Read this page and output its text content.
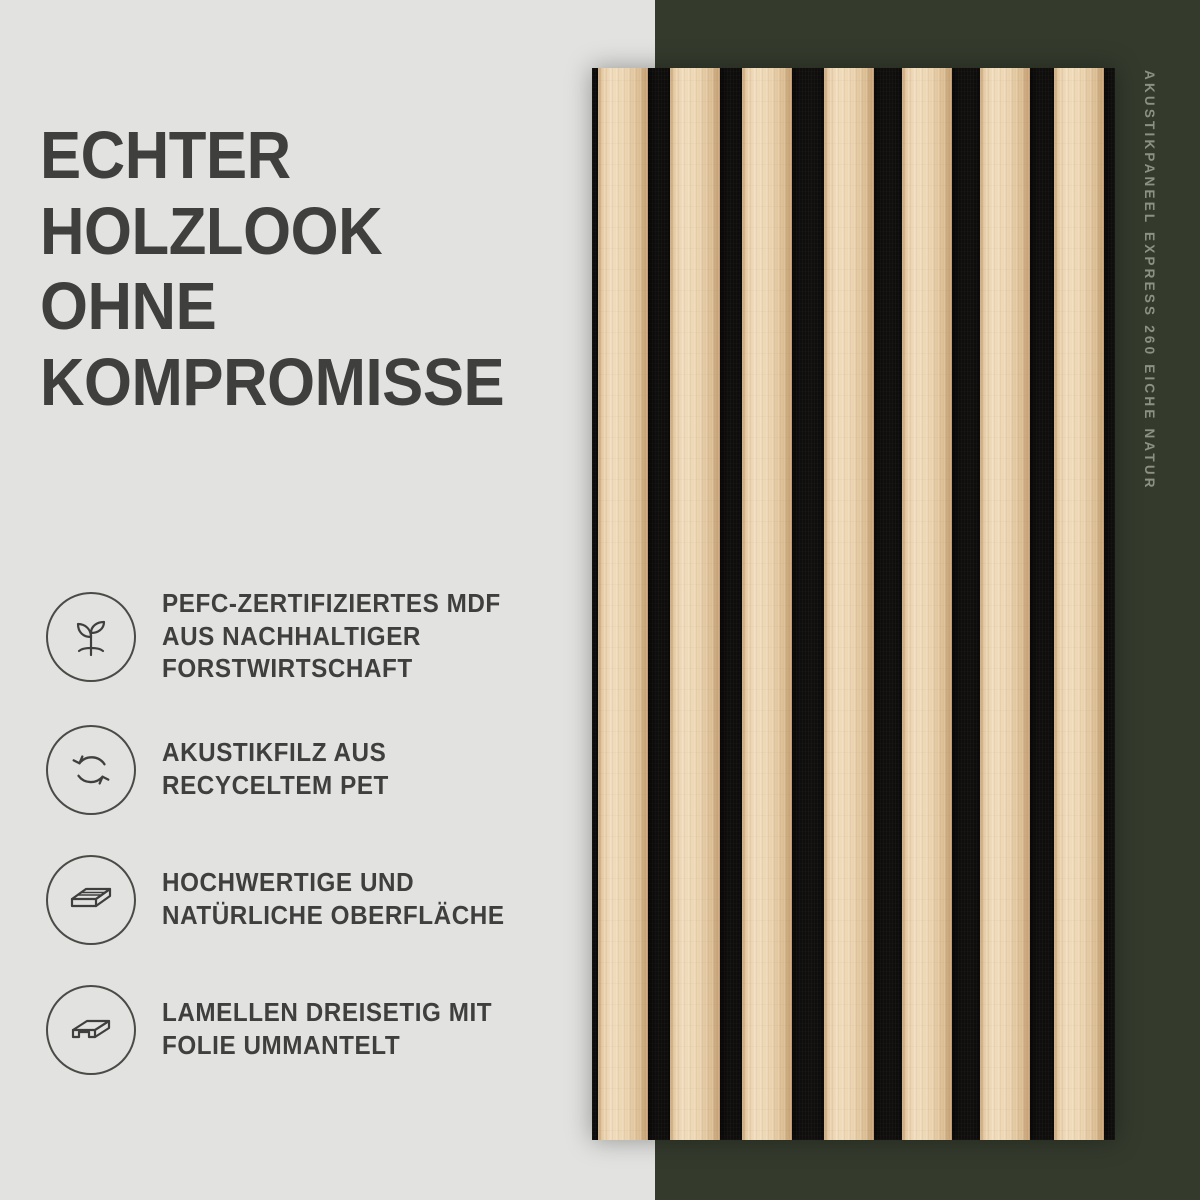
AKUSTIKPANEEL EXPRESS 260 EICHE NATUR
ECHTER HOLZLOOK OHNE KOMPROMISSE
PEFC-ZERTIFIZIERTES MDF AUS NACHHALTIGER FORSTWIRTSCHAFT
AKUSTIKFILZ AUS RECYCELTEM PET
HOCHWERTIGE UND NATÜRLICHE OBERFLÄCHE
LAMELLEN DREISETIG MIT FOLIE UMMANTELT
